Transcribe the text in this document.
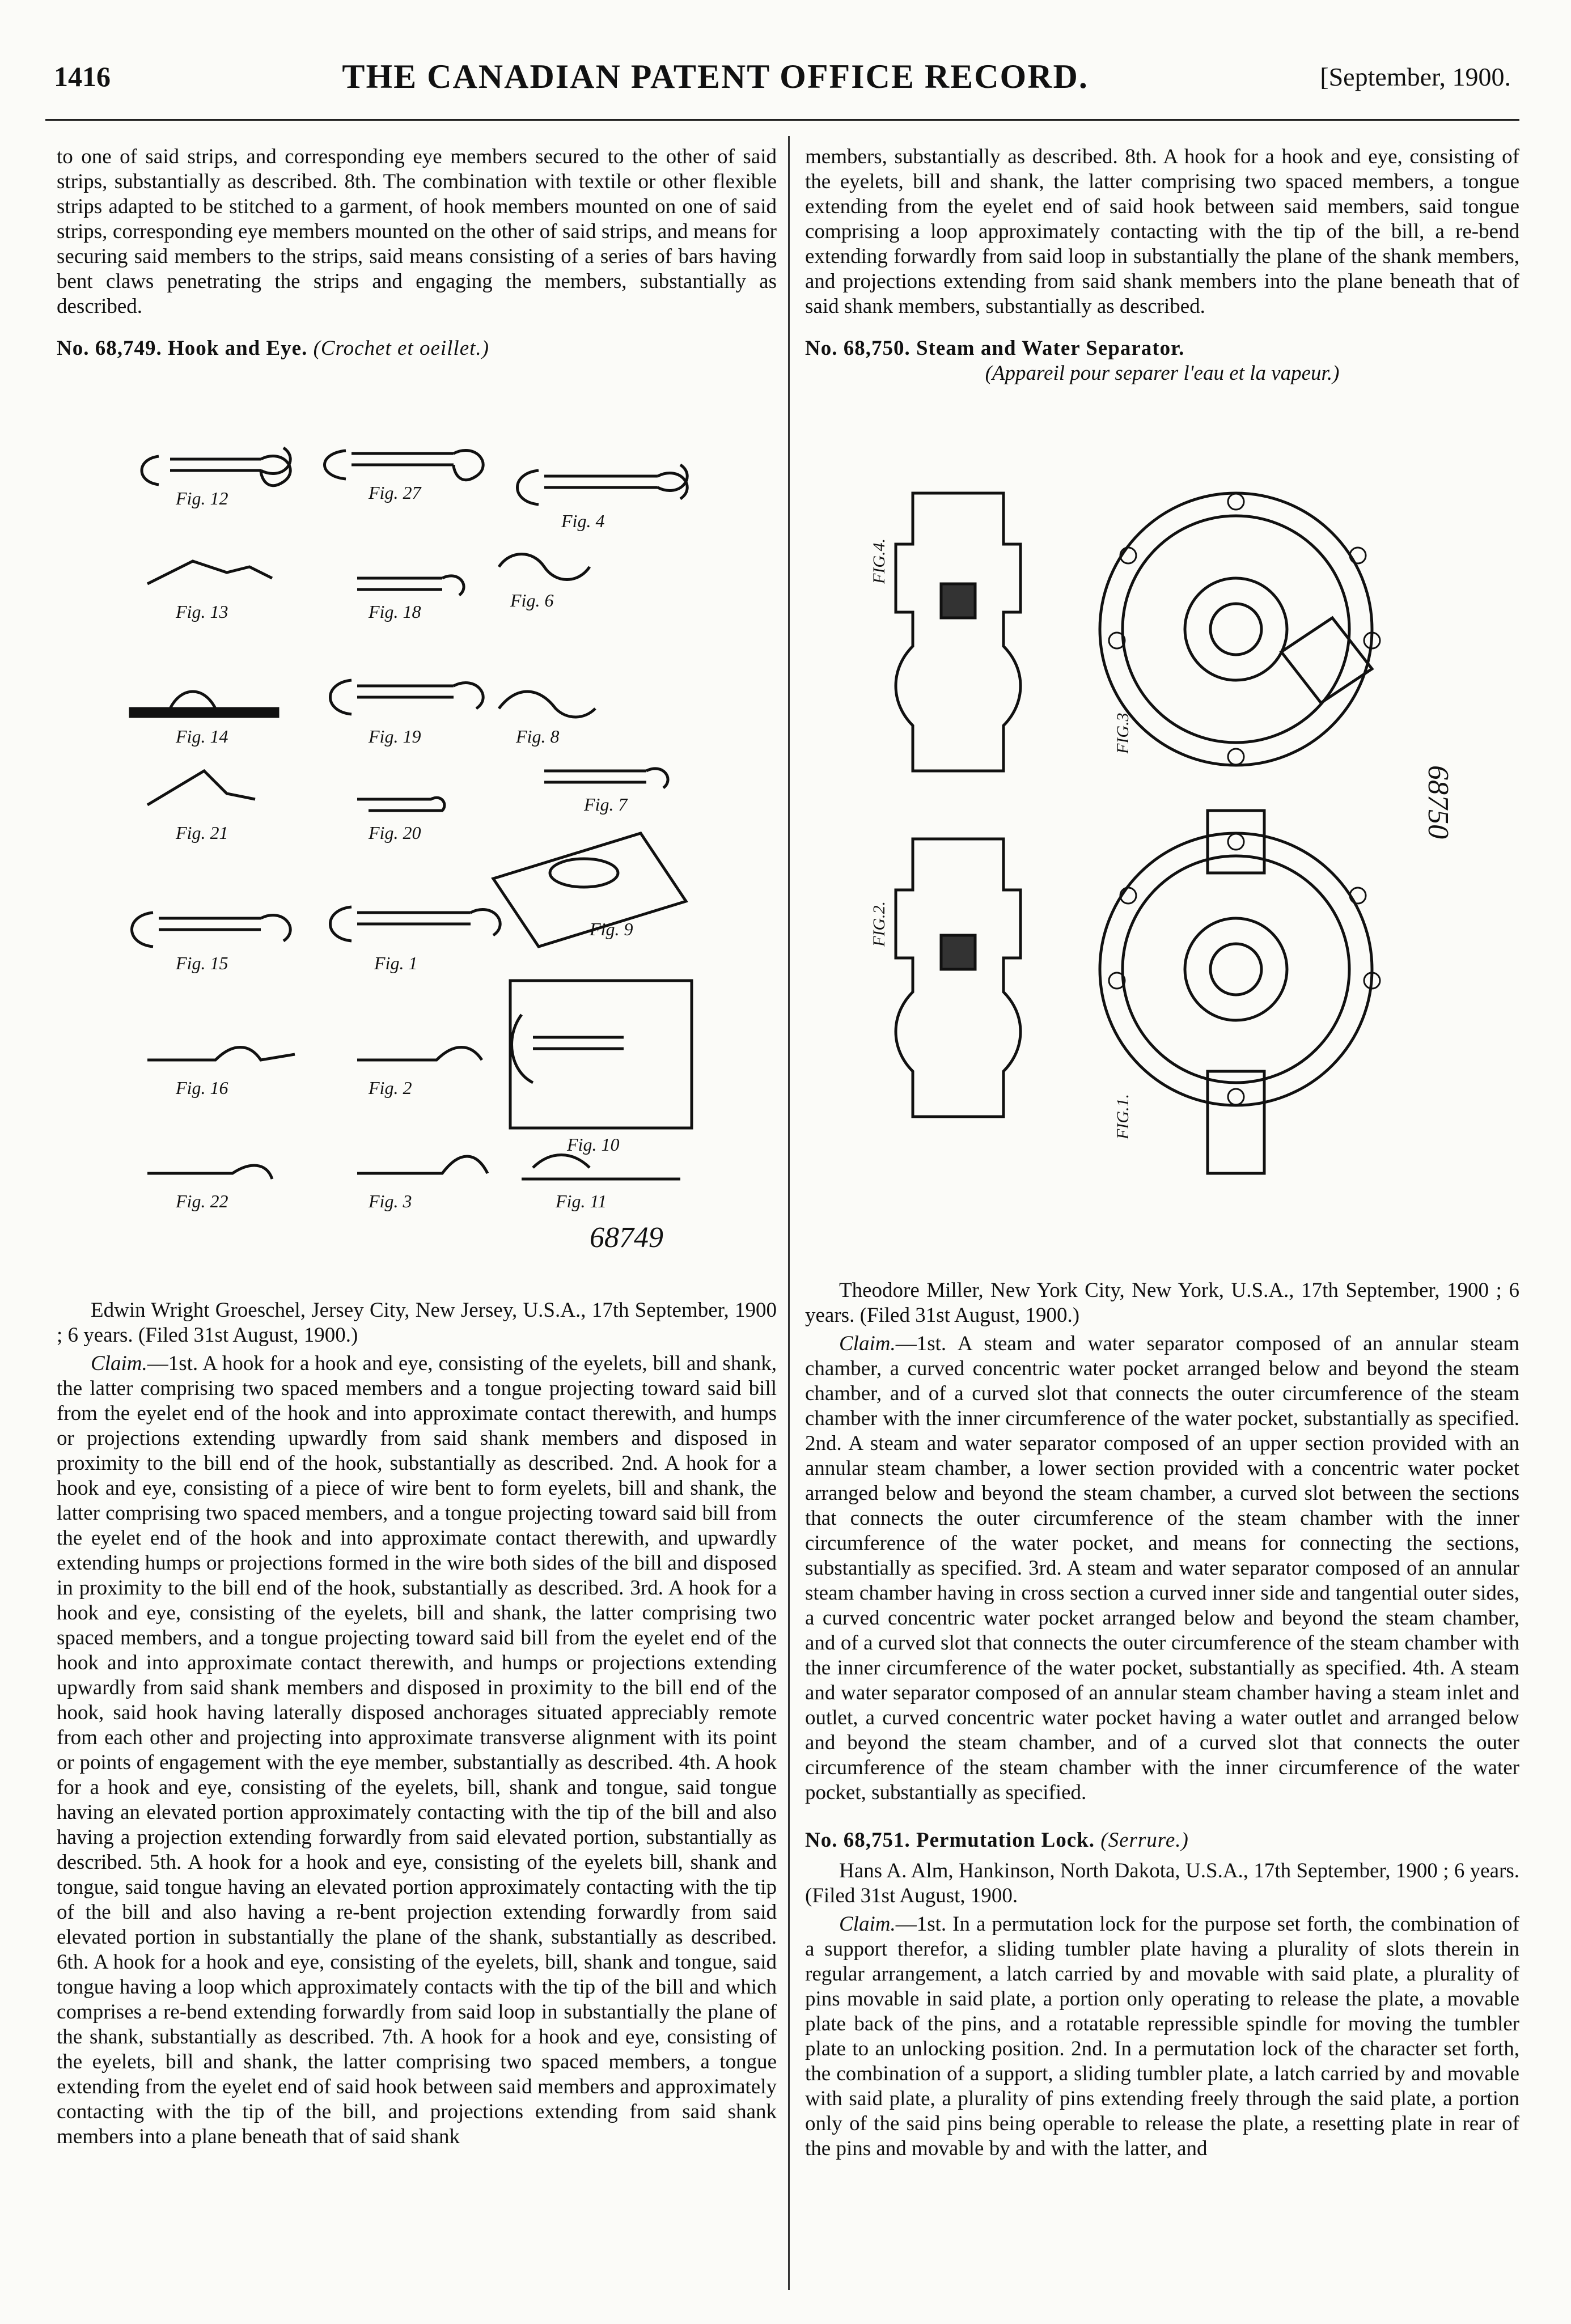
1416	THE CANADIAN PATENT OFFICE RECORD.	[September, 1900.

to one of said strips, and corresponding eye members secured to the other of said strips, substantially as described. 8th. The combination with textile or other flexible strips adapted to be stitched to a garment, of hook members mounted on one of said strips, corresponding eye members mounted on the other of said strips, and means for securing said members to the strips, said means consisting of a series of bars having bent claws penetrating the strips and engaging the members, substantially as described.

No. 68,749. Hook and Eye. (Crochet et oeillet.)

Fig. 12	Fig. 27
Fig. 4
Fig. 13	Fig. 18
Fig. 6
Fig. 14	Fig. 19	Fig. 8
Fig. 21	Fig. 20
Fig. 7
Fig. 15	Fig. 1
Fig. 9
Fig. 16	Fig. 2
Fig. 10
Fig. 22	Fig. 3	Fig. 11
68749

Edwin Wright Groeschel, Jersey City, New Jersey, U.S.A., 17th September, 1900 ; 6 years. (Filed 31st August, 1900.)

Claim.—1st. A hook for a hook and eye, consisting of the eyelets, bill and shank, the latter comprising two spaced members and a tongue projecting toward said bill from the eyelet end of the hook and into approximate contact therewith, and humps or projections extending upwardly from said shank members and disposed in proximity to the bill end of the hook, substantially as described. 2nd. A hook for a hook and eye, consisting of a piece of wire bent to form eyelets, bill and shank, the latter comprising two spaced members, and a tongue projecting toward said bill from the eyelet end of the hook and into approximate contact therewith, and upwardly extending humps or projections formed in the wire both sides of the bill and disposed in proximity to the bill end of the hook, substantially as described. 3rd. A hook for a hook and eye, consisting of the eyelets, bill and shank, the latter comprising two spaced members, and a tongue projecting toward said bill from the eyelet end of the hook and into approximate contact therewith, and humps or projections extending upwardly from said shank members and disposed in proximity to the bill end of the hook, said hook having laterally disposed anchorages situated appreciably remote from each other and projecting into approximate transverse alignment with its point or points of engagement with the eye member, substantially as described. 4th. A hook for a hook and eye, consisting of the eyelets, bill, shank and tongue, said tongue having an elevated portion approximately contacting with the tip of the bill and also having a projection extending forwardly from said elevated portion, substantially as described. 5th. A hook for a hook and eye, consisting of the eyelets bill, shank and tongue, said tongue having an elevated portion approximately contacting with the tip of the bill and also having a re-bent projection extending forwardly from said elevated portion in substantially the plane of the shank, substantially as described. 6th. A hook for a hook and eye, consisting of the eyelets, bill, shank and tongue, said tongue having a loop which approximately contacts with the tip of the bill and which comprises a re-bend extending forwardly from said loop in substantially the plane of the shank, substantially as described. 7th. A hook for a hook and eye, consisting of the eyelets, bill and shank, the latter comprising two spaced members, a tongue extending from the eyelet end of said hook between said members and approximately contacting with the tip of the bill, and projections extending from said shank members into a plane beneath that of said shank

members, substantially as described. 8th. A hook for a hook and eye, consisting of the eyelets, bill and shank, the latter comprising two spaced members, a tongue extending from the eyelet end of said hook between said members, said tongue comprising a loop approximately contacting with the tip of the bill, a re-bend extending forwardly from said loop in substantially the plane of the shank members, and projections extending from said shank members into the plane beneath that of said shank members, substantially as described.

No. 68,750. Steam and Water Separator.

(Appareil pour separer l'eau et la vapeur.)

FIG.4.
FIG.3.
FIG.2.
FIG.1.
68750

Theodore Miller, New York City, New York, U.S.A., 17th September, 1900 ; 6 years. (Filed 31st August, 1900.)

Claim.—1st. A steam and water separator composed of an annular steam chamber, a curved concentric water pocket arranged below and beyond the steam chamber, and of a curved slot that connects the outer circumference of the steam chamber with the inner circumference of the water pocket, substantially as specified. 2nd. A steam and water separator composed of an upper section provided with an annular steam chamber, a lower section provided with a concentric water pocket arranged below and beyond the steam chamber, a curved slot between the sections that connects the outer circumference of the steam chamber with the inner circumference of the water pocket, and means for connecting the sections, substantially as specified. 3rd. A steam and water separator composed of an annular steam chamber having in cross section a curved inner side and tangential outer sides, a curved concentric water pocket arranged below and beyond the steam chamber, and of a curved slot that connects the outer circumference of the steam chamber with the inner circumference of the water pocket, substantially as specified. 4th. A steam and water separator composed of an annular steam chamber having a steam inlet and outlet, a curved concentric water pocket having a water outlet and arranged below and beyond the steam chamber, and of a curved slot that connects the outer circumference of the steam chamber with the inner circumference of the water pocket, substantially as specified.

No. 68,751. Permutation Lock. (Serrure.)

Hans A. Alm, Hankinson, North Dakota, U.S.A., 17th September, 1900 ; 6 years. (Filed 31st August, 1900.

Claim.—1st. In a permutation lock for the purpose set forth, the combination of a support therefor, a sliding tumbler plate having a plurality of slots therein in regular arrangement, a latch carried by and movable with said plate, a plurality of pins movable in said plate, a portion only operating to release the plate, a movable plate back of the pins, and a rotatable repressible spindle for moving the tumbler plate to an unlocking position. 2nd. In a permutation lock of the character set forth, the combination of a support, a sliding tumbler plate, a latch carried by and movable with said plate, a plurality of pins extending freely through the said plate, a portion only of the said pins being operable to release the plate, a resetting plate in rear of the pins and movable by and with the latter, and
